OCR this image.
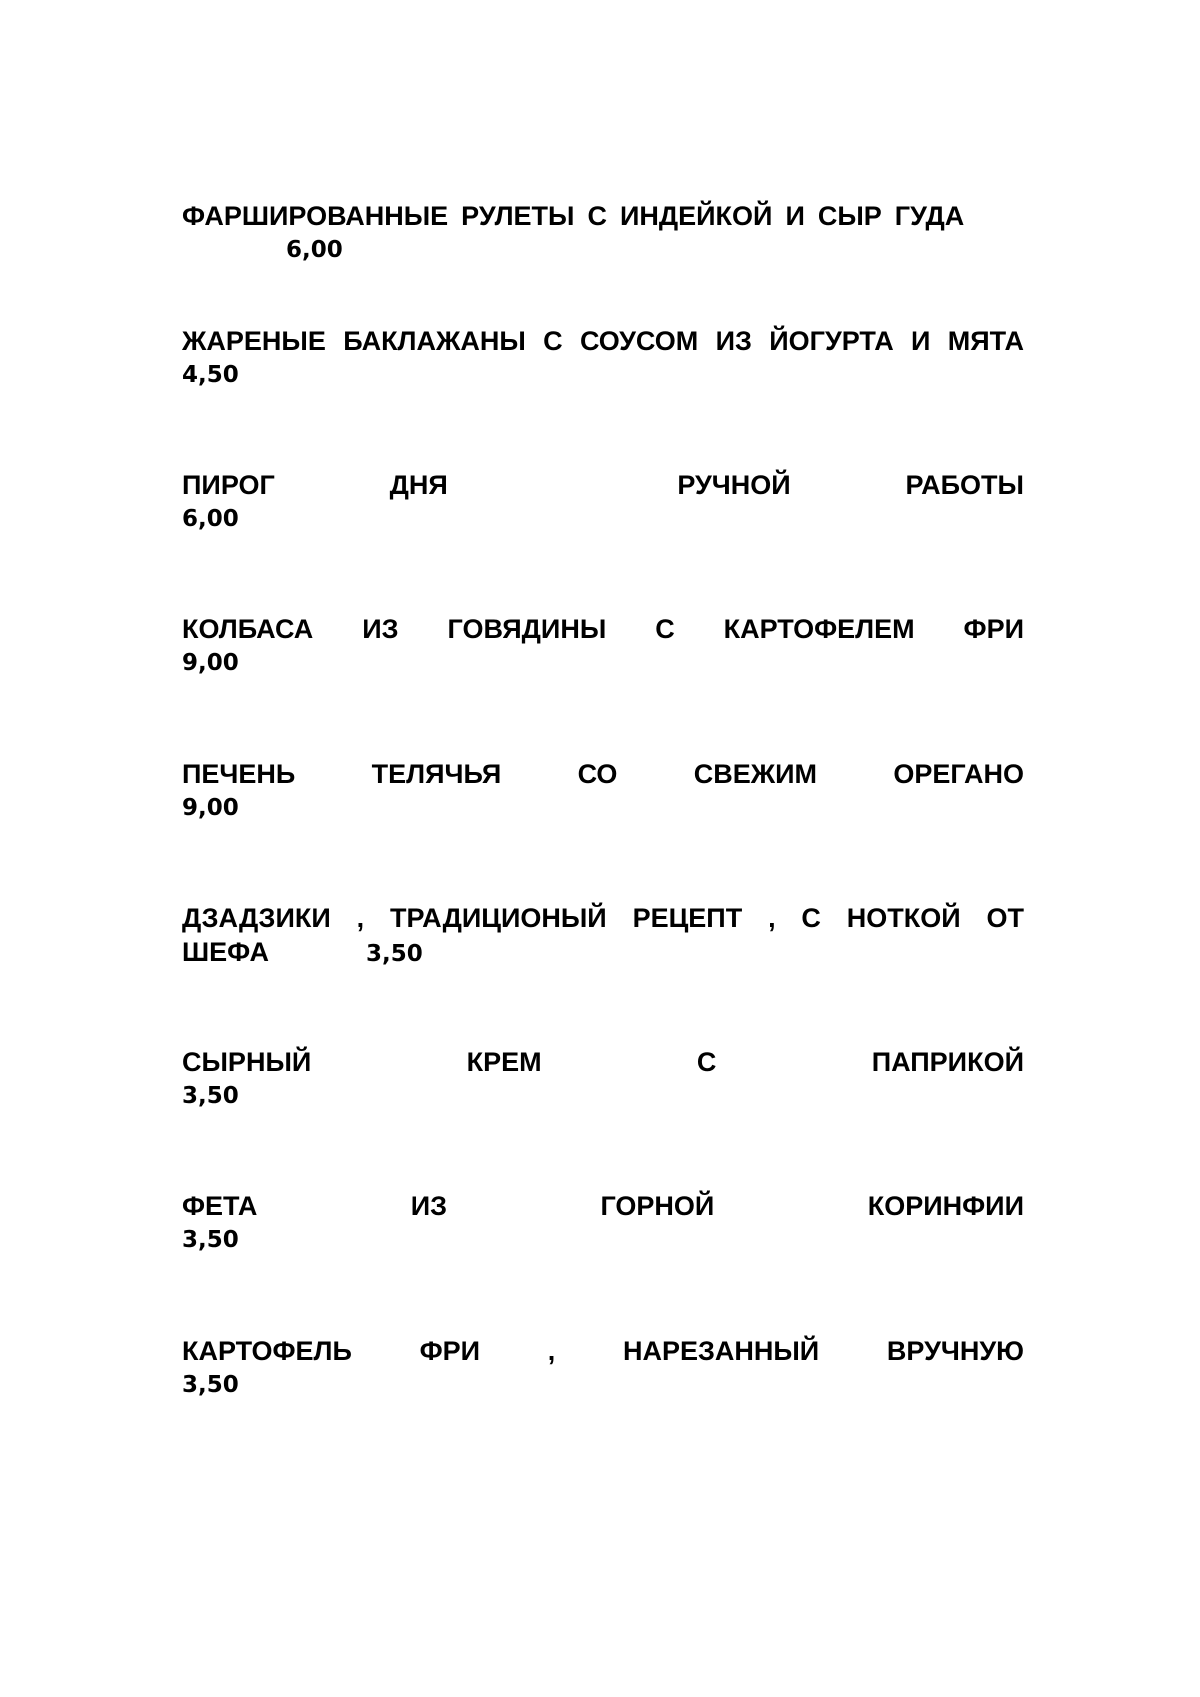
ФАРШИРОВАННЫЕ РУЛЕТЫ С ИНДЕЙКОЙ И СЫР ГУДА
6,00
ЖАРЕНЫЕ БАКЛАЖАНЫ С СОУСОМ ИЗ ЙОГУРТА И МЯТА
4,50
ПИРОГ	ДНЯ	РУЧНОЙ	РАБОТЫ
6,00
КОЛБАСА ИЗ ГОВЯДИНЫ С КАРТОФЕЛЕМ ФРИ
9,00
ПЕЧЕНЬ	ТЕЛЯЧЬЯ	СО	СВЕЖИМ	ОРЕГАНО
9,00
ДЗАДЗИКИ , ТРАДИЦИОНЫЙ РЕЦЕПТ , С НОТКОЙ ОТ
ШЕФА	3,50
СЫРНЫЙ	КРЕМ	С	ПАПРИКОЙ
3,50
ФЕТА	ИЗ	ГОРНОЙ	КОРИНФИИ
3,50
КАРТОФЕЛЬ	ФРИ	,	НАРЕЗАННЫЙ	ВРУЧНУЮ
3,50
